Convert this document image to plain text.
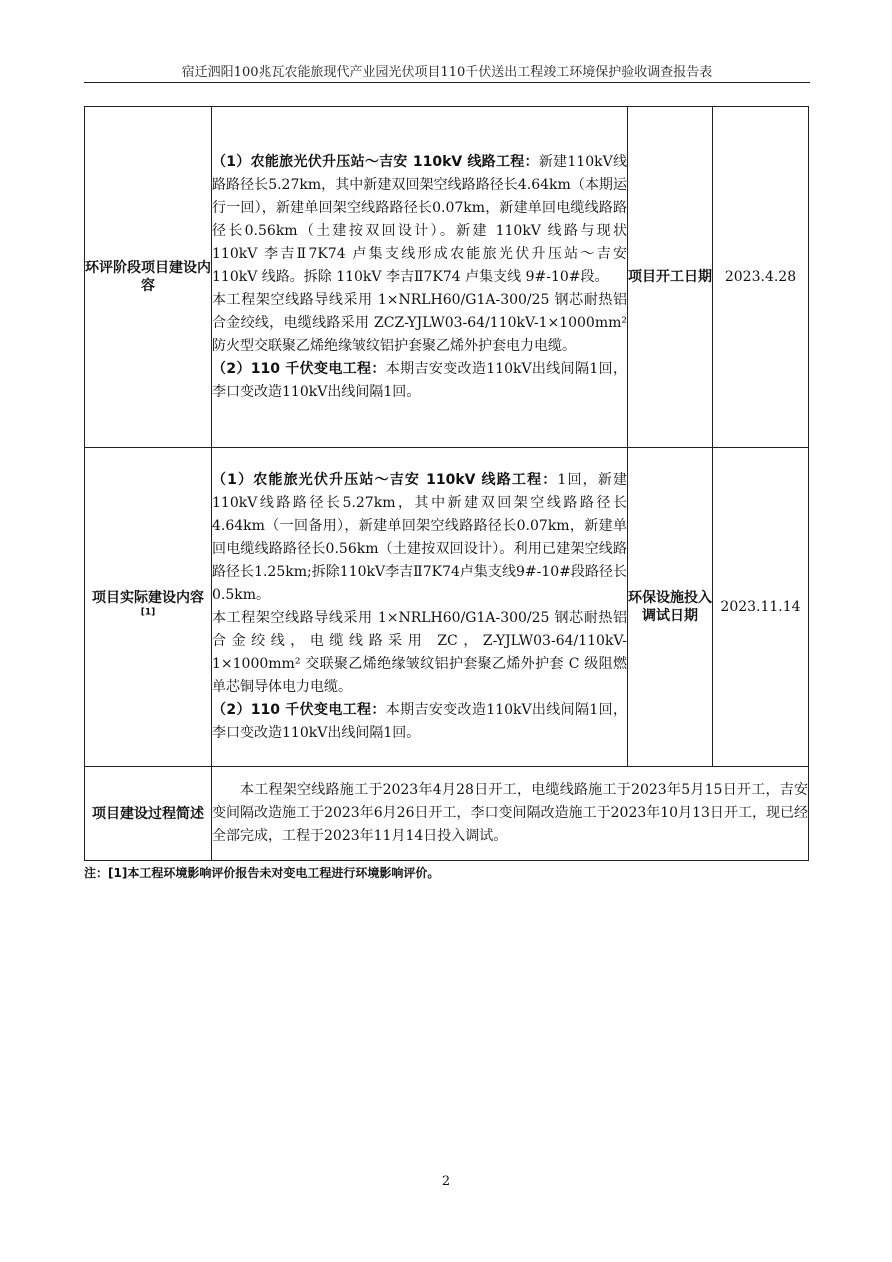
宿迁泗阳100兆瓦农能旅现代产业园光伏项目110千伏送出工程竣工环境保护验收调查报告表
环评阶段项目建设内容	（1）农能旅光伏升压站～吉安 110kV 线路工程：新建110kV线路路径长5.27km，其中新建双回架空线路路径长4.64km（本期运行一回），新建单回架空线路路径长0.07km，新建单回电缆线路路径长0.56km（土建按双回设计）。新建 110kV 线路与现状 110kV 李吉Ⅱ7K74 卢集支线形成农能旅光伏升压站～吉安 110kV 线路。拆除 110kV 李吉Ⅱ7K74 卢集支线 9#-10#段。

本工程架空线路导线采用 1×NRLH60/G1A-300/25 钢芯耐热铝合金绞线，电缆线路采用 ZCZ-YJLW03-64/110kV-1×1000mm² 防火型交联聚乙烯绝缘皱纹铝护套聚乙烯外护套电力电缆。

（2）110 千伏变电工程：本期吉安变改造110kV出线间隔1回，李口变改造110kV出线间隔1回。	项目开工日期	2023.4.28
项目实际建设内容[1]	（1）农能旅光伏升压站～吉安 110kV 线路工程：1回，新建110kV线路路径长5.27km，其中新建双回架空线路路径长4.64km（一回备用），新建单回架空线路路径长0.07km，新建单回电缆线路路径长0.56km（土建按双回设计）。利用已建架空线路路径长1.25km;拆除110kV李吉Ⅱ7K74卢集支线9#-10#段路径长0.5km。

本工程架空线路导线采用 1×NRLH60/G1A-300/25 钢芯耐热铝合金绞线，电缆线路采用 ZC，Z-YJLW03-64/110kV-1×1000mm² 交联聚乙烯绝缘皱纹铝护套聚乙烯外护套 C 级阻燃单芯铜导体电力电缆。

（2）110 千伏变电工程：本期吉安变改造110kV出线间隔1回，李口变改造110kV出线间隔1回。	环保设施投入调试日期	2023.11.14
项目建设过程简述	本工程架空线路施工于2023年4月28日开工，电缆线路施工于2023年5月15日开工，吉安变间隔改造施工于2023年6月26日开工，李口变间隔改造施工于2023年10月13日开工，现已经全部完成，工程于2023年11月14日投入调试。		
注：[1]本工程环境影响评价报告未对变电工程进行环境影响评价。
2
